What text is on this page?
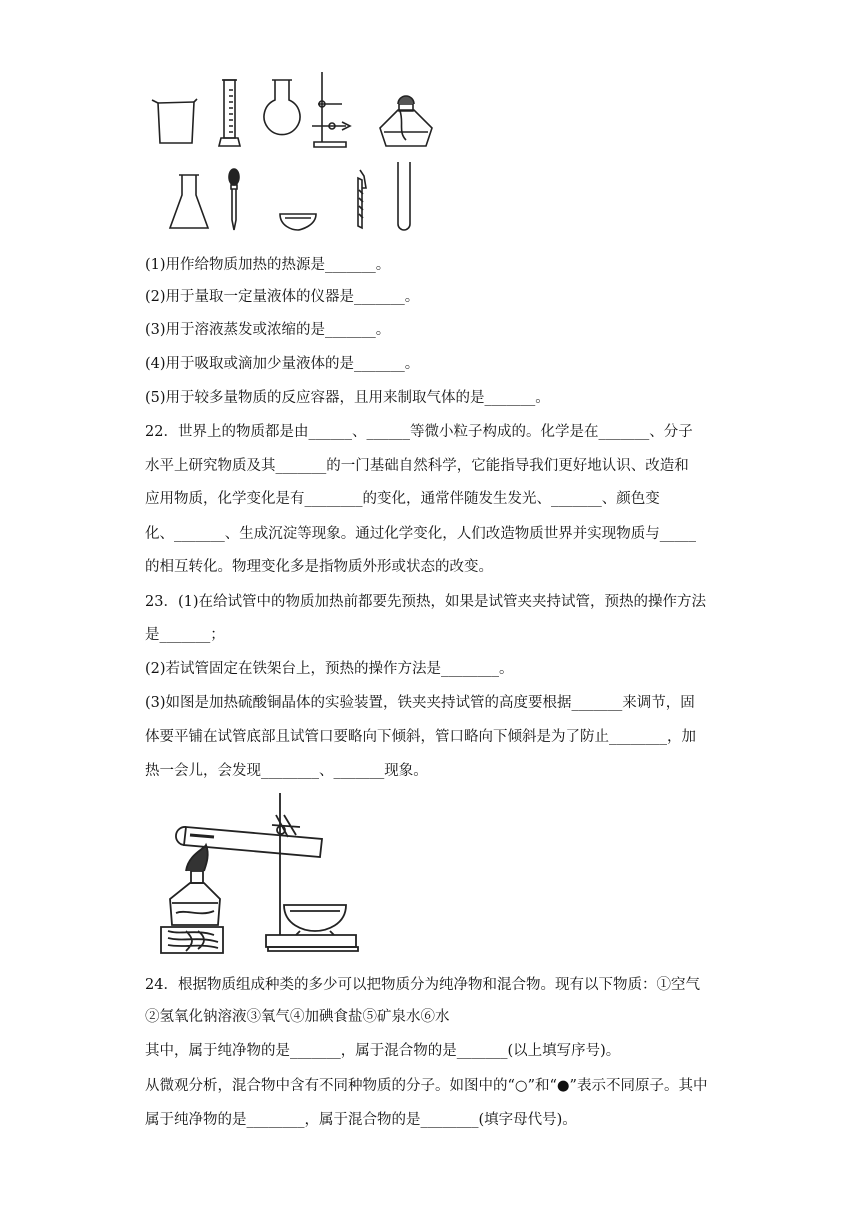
(1)用作给物质加热的热源是_______。
(2)用于量取一定量液体的仪器是_______。
(3)用于溶液蒸发或浓缩的是_______。
(4)用于吸取或滴加少量液体的是_______。
(5)用于较多量物质的反应容器，且用来制取气体的是_______。
22．世界上的物质都是由______、______等微小粒子构成的。化学是在_______、分子
水平上研究物质及其_______的一门基础自然科学，它能指导我们更好地认识、改造和
应用物质，化学变化是有________的变化，通常伴随发生发光、_______、颜色变
化、_______、生成沉淀等现象。通过化学变化，人们改造物质世界并实现物质与_____
的相互转化。物理变化多是指物质外形或状态的改变。
23．(1)在给试管中的物质加热前都要先预热，如果是试管夹夹持试管，预热的操作方法
是_______；
(2)若试管固定在铁架台上，预热的操作方法是________。
(3)如图是加热硫酸铜晶体的实验装置，铁夹夹持试管的高度要根据_______来调节，固
体要平铺在试管底部且试管口要略向下倾斜，管口略向下倾斜是为了防止________，加
热一会儿，会发现________、_______现象。
24．根据物质组成种类的多少可以把物质分为纯净物和混合物。现有以下物质：①空气
②氢氧化钠溶液③氧气④加碘食盐⑤矿泉水⑥水
其中，属于纯净物的是_______，属于混合物的是_______(以上填写序号)。
从微观分析，混合物中含有不同种物质的分子。如图中的“○”和“●”表示不同原子。其中
属于纯净物的是________，属于混合物的是________(填字母代号)。
